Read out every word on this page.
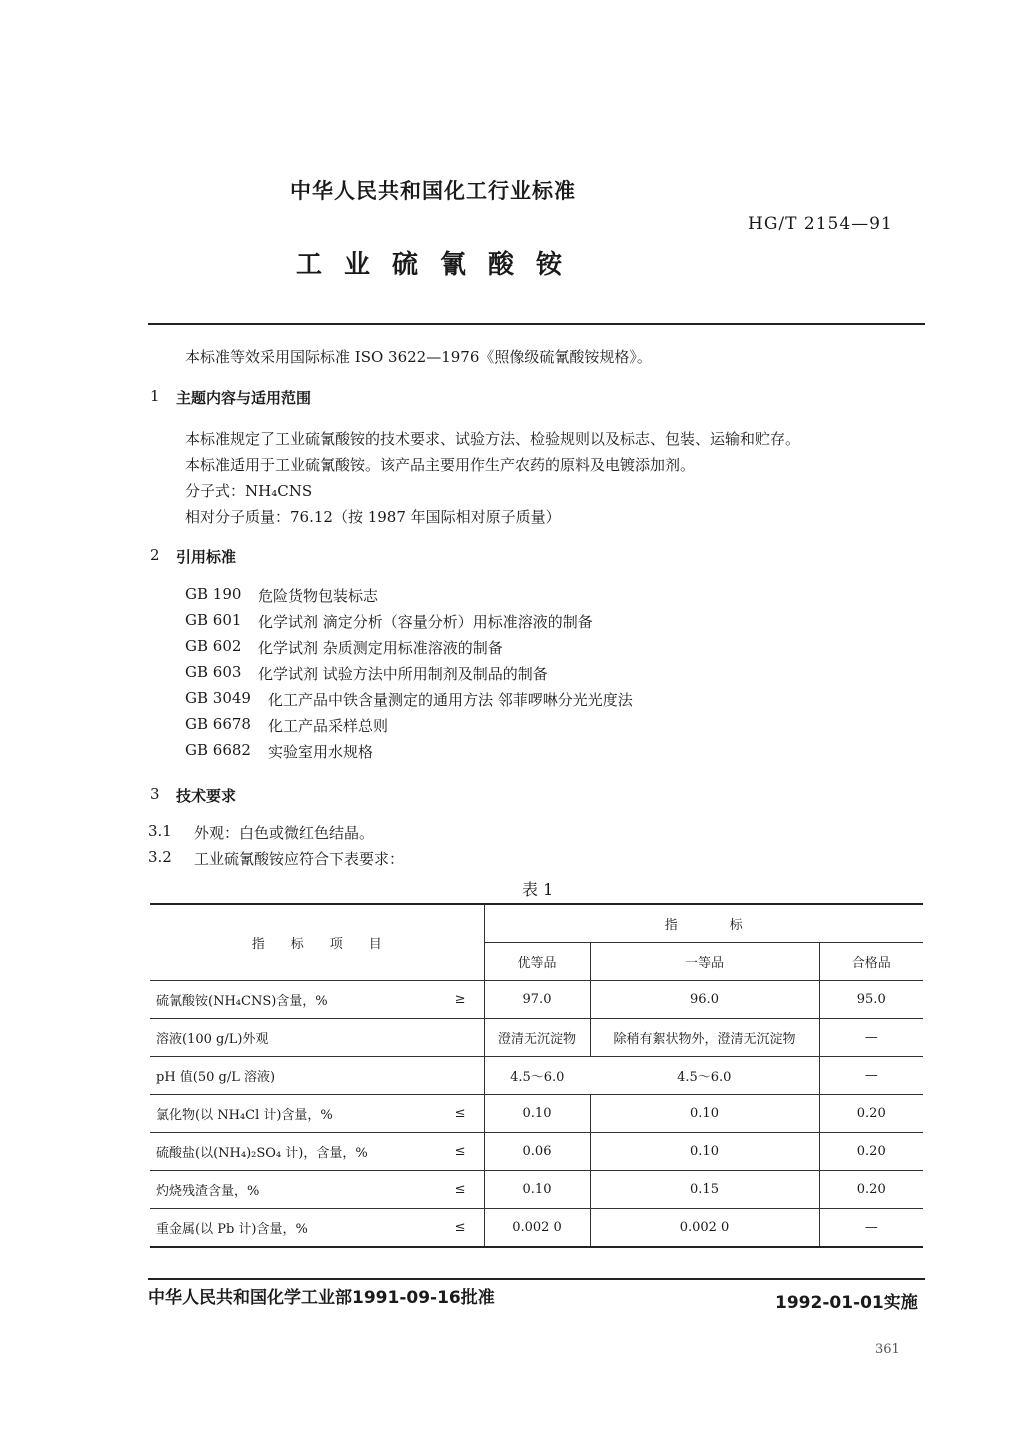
中华人民共和国化工行业标准
HG/T 2154—91
工业硫氰酸铵
本标准等效采用国际标准 ISO 3622—1976《照像级硫氰酸铵规格》。
1 主题内容与适用范围
本标准规定了工业硫氰酸铵的技术要求、试验方法、检验规则以及标志、包装、运输和贮存。
本标准适用于工业硫氰酸铵。该产品主要用作生产农药的原料及电镀添加剂。
分子式：NH₄CNS
相对分子质量：76.12（按 1987 年国际相对原子质量）
2 引用标准
GB 190 危险货物包装标志
GB 601 化学试剂 滴定分析（容量分析）用标准溶液的制备
GB 602 化学试剂 杂质测定用标准溶液的制备
GB 603 化学试剂 试验方法中所用制剂及制品的制备
GB 3049 化工产品中铁含量测定的通用方法 邻菲啰啉分光光度法
GB 6678 化工产品采样总则
GB 6682 实验室用水规格
3 技术要求
3.1 外观：白色或微红色结晶。
3.2 工业硫氰酸铵应符合下表要求：
表 1
指　　标　　项　　目		指　　　　标		
		优等品	一等品	合格品
硫氰酸铵(NH₄CNS)含量，%	≥	97.0	96.0	95.0
溶液(100 g/L)外观		澄清无沉淀物	除稍有絮状物外，澄清无沉淀物	—
pH 值(50 g/L 溶液)		4.5～6.0	4.5～6.0	—
氯化物(以 NH₄Cl 计)含量，%	≤	0.10	0.10	0.20
硫酸盐(以(NH₄)₂SO₄ 计)，含量，%	≤	0.06	0.10	0.20
灼烧残渣含量，%	≤	0.10	0.15	0.20
重金属(以 Pb 计)含量，%	≤	0.002 0	0.002 0	—
中华人民共和国化学工业部1991-09-16批准	1992-01-01实施
361
